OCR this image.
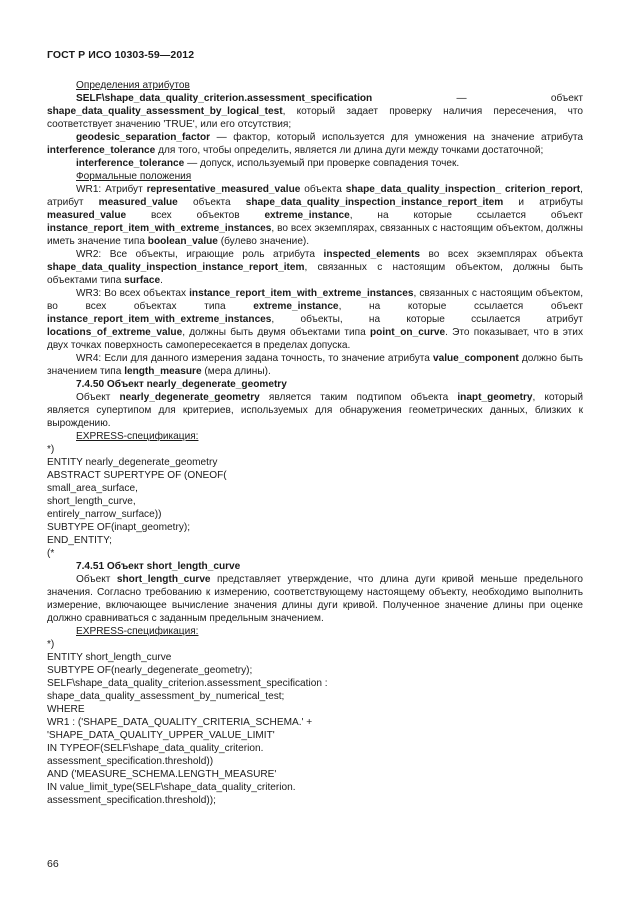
ГОСТ Р ИСО 10303-59—2012

Определения атрибутов

SELF\shape_data_quality_criterion.assessment_specification — объект shape_data_quality_assessment_by_logical_test, который задает проверку наличия пересечения, что соответствует значению 'TRUE', или его отсутствия;

geodesic_separation_factor — фактор, который используется для умножения на значение атрибута interference_tolerance для того, чтобы определить, является ли длина дуги между точками достаточной;

interference_tolerance — допуск, используемый при проверке совпадения точек.

Формальные положения

WR1: Атрибут representative_measured_value объекта shape_data_quality_inspection_ criterion_report, атрибут measured_value объекта shape_data_quality_inspection_instance_report_item и атрибуты measured_value всех объектов extreme_instance, на которые ссылается объект instance_report_item_with_extreme_instances, во всех экземплярах, связанных с настоящим объектом, должны иметь значение типа boolean_value (булево значение).

WR2: Все объекты, играющие роль атрибута inspected_elements во всех экземплярах объекта shape_data_quality_inspection_instance_report_item, связанных с настоящим объектом, должны быть объектами типа surface.

WR3: Во всех объектах instance_report_item_with_extreme_instances, связанных с настоящим объектом, во всех объектах типа extreme_instance, на которые ссылается объект instance_report_item_with_extreme_instances, объекты, на которые ссылается атрибут locations_of_extreme_value, должны быть двумя объектами типа point_on_curve. Это показывает, что в этих двух точках поверхность самопересекается в пределах допуска.

WR4: Если для данного измерения задана точность, то значение атрибута value_component должно быть значением типа length_measure (мера длины).

7.4.50 Объект nearly_degenerate_geometry

Объект nearly_degenerate_geometry является таким подтипом объекта inapt_geometry, который является супертипом для критериев, используемых для обнаружения геометрических данных, близких к вырождению.

EXPRESS-спецификация:

*)

ENTITY nearly_degenerate_geometry

ABSTRACT SUPERTYPE OF (ONEOF(

small_area_surface,

short_length_curve,

entirely_narrow_surface))

SUBTYPE OF(inapt_geometry);

END_ENTITY;

(*

7.4.51 Объект short_length_curve

Объект short_length_curve представляет утверждение, что длина дуги кривой меньше предельного значения. Согласно требованию к измерению, соответствующему настоящему объекту, необходимо выполнить измерение, включающее вычисление значения длины дуги кривой. Полученное значение длины при оценке должно сравниваться с заданным предельным значением.

EXPRESS-спецификация:

*)

ENTITY short_length_curve

SUBTYPE OF(nearly_degenerate_geometry);

SELF\shape_data_quality_criterion.assessment_specification :

shape_data_quality_assessment_by_numerical_test;

WHERE

WR1 : ('SHAPE_DATA_QUALITY_CRITERIA_SCHEMA.' +

'SHAPE_DATA_QUALITY_UPPER_VALUE_LIMIT'

IN TYPEOF(SELF\shape_data_quality_criterion.

assessment_specification.threshold))

AND ('MEASURE_SCHEMA.LENGTH_MEASURE'

IN value_limit_type(SELF\shape_data_quality_criterion.

assessment_specification.threshold));

66
